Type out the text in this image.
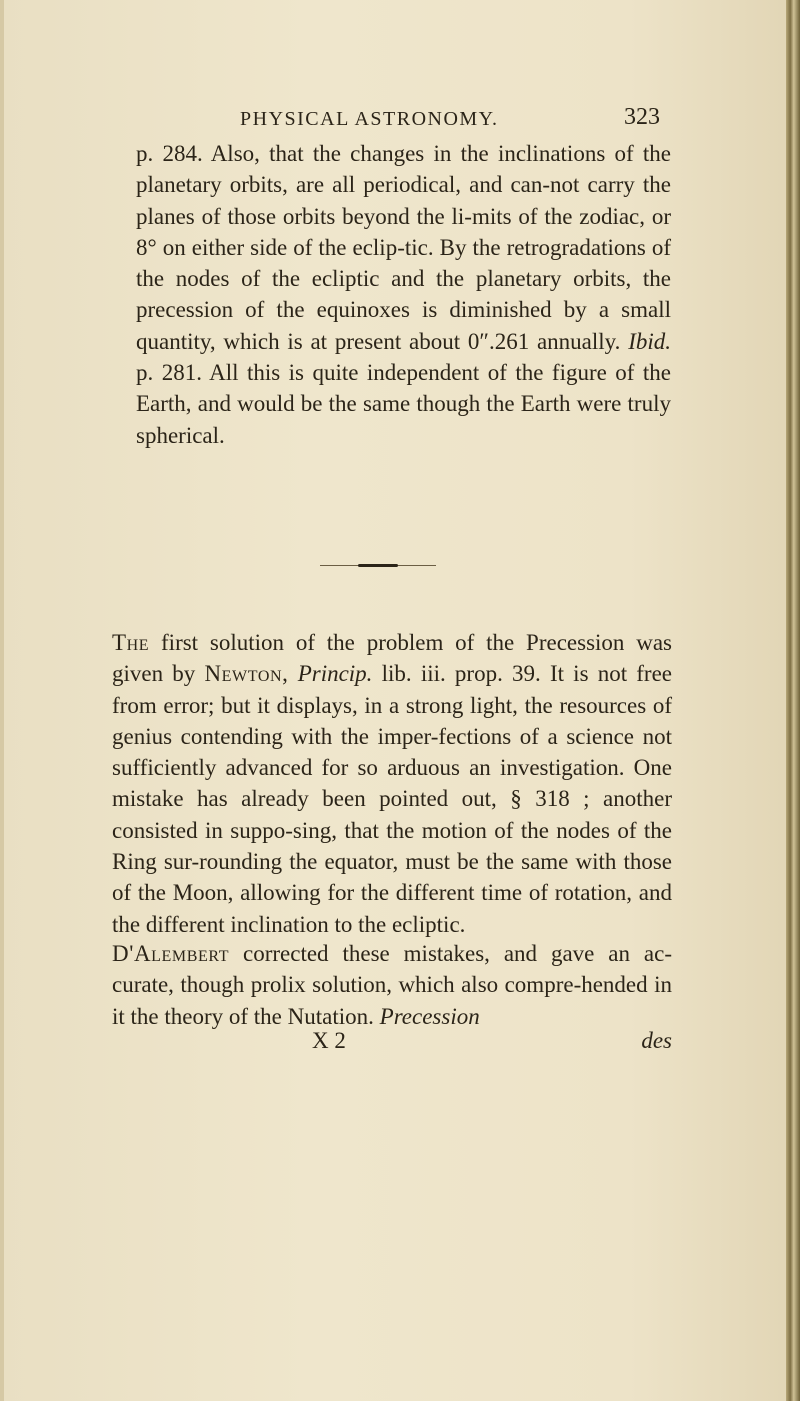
PHYSICAL ASTRONOMY.	323

p. 284. Also, that the changes in the inclinations of the planetary orbits, are all periodical, and can-not carry the planes of those orbits beyond the li-mits of the zodiac, or 8° on either side of the eclip-tic. By the retrogradations of the nodes of the ecliptic and the planetary orbits, the precession of the equinoxes is diminished by a small quantity, which is at present about 0″.261 annually. Ibid. p. 281. All this is quite independent of the figure of the Earth, and would be the same though the Earth were truly spherical.

The first solution of the problem of the Precession was given by Newton, Princip. lib. iii. prop. 39. It is not free from error; but it displays, in a strong light, the resources of genius contending with the imper-fections of a science not sufficiently advanced for so arduous an investigation. One mistake has already been pointed out, § 318 ; another consisted in suppo-sing, that the motion of the nodes of the Ring sur-rounding the equator, must be the same with those of the Moon, allowing for the different time of rotation, and the different inclination to the ecliptic.

D'Alembert corrected these mistakes, and gave an ac-curate, though prolix solution, which also compre-hended in it the theory of the Nutation. Precession

X 2	des
